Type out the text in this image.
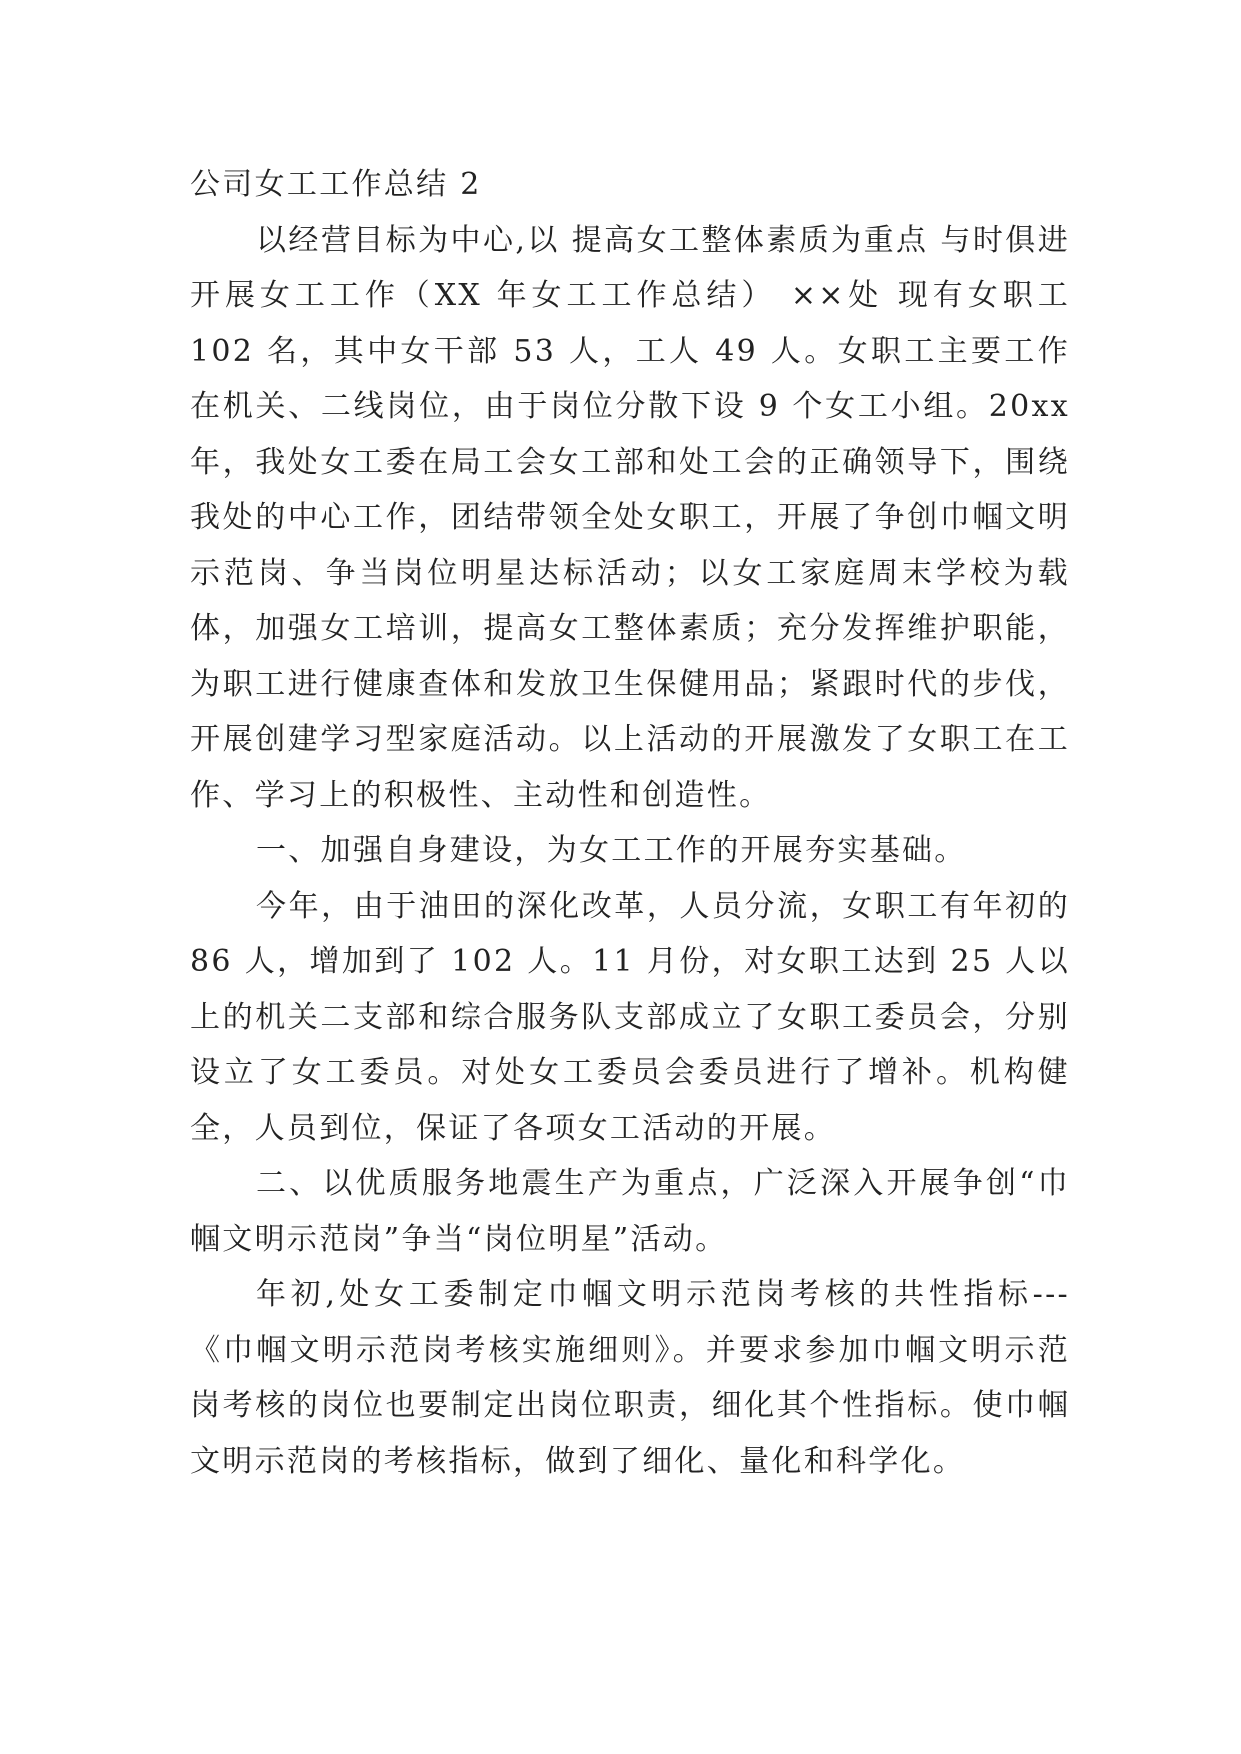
公司女工工作总结 2

以经营目标为中心,以 提高女工整体素质为重点 与时俱进开展女工工作（XX 年女工工作总结） ××处 现有女职工 102 名，其中女干部 53 人，工人 49 人。女职工主要工作在机关、二线岗位，由于岗位分散下设 9 个女工小组。20xx 年，我处女工委在局工会女工部和处工会的正确领导下，围绕我处的中心工作，团结带领全处女职工，开展了争创巾帼文明示范岗、争当岗位明星达标活动；以女工家庭周末学校为载体，加强女工培训，提高女工整体素质；充分发挥维护职能，为职工进行健康查体和发放卫生保健用品；紧跟时代的步伐，开展创建学习型家庭活动。以上活动的开展激发了女职工在工作、学习上的积极性、主动性和创造性。

一、加强自身建设，为女工工作的开展夯实基础。

今年，由于油田的深化改革，人员分流，女职工有年初的 86 人，增加到了 102 人。11 月份，对女职工达到 25 人以上的机关二支部和综合服务队支部成立了女职工委员会，分别设立了女工委员。对处女工委员会委员进行了增补。机构健全，人员到位，保证了各项女工活动的开展。

二、以优质服务地震生产为重点，广泛深入开展争创“巾帼文明示范岗”争当“岗位明星”活动。

年初,处女工委制定巾帼文明示范岗考核的共性指标---《巾帼文明示范岗考核实施细则》。并要求参加巾帼文明示范岗考核的岗位也要制定出岗位职责，细化其个性指标。使巾帼文明示范岗的考核指标，做到了细化、量化和科学化。
